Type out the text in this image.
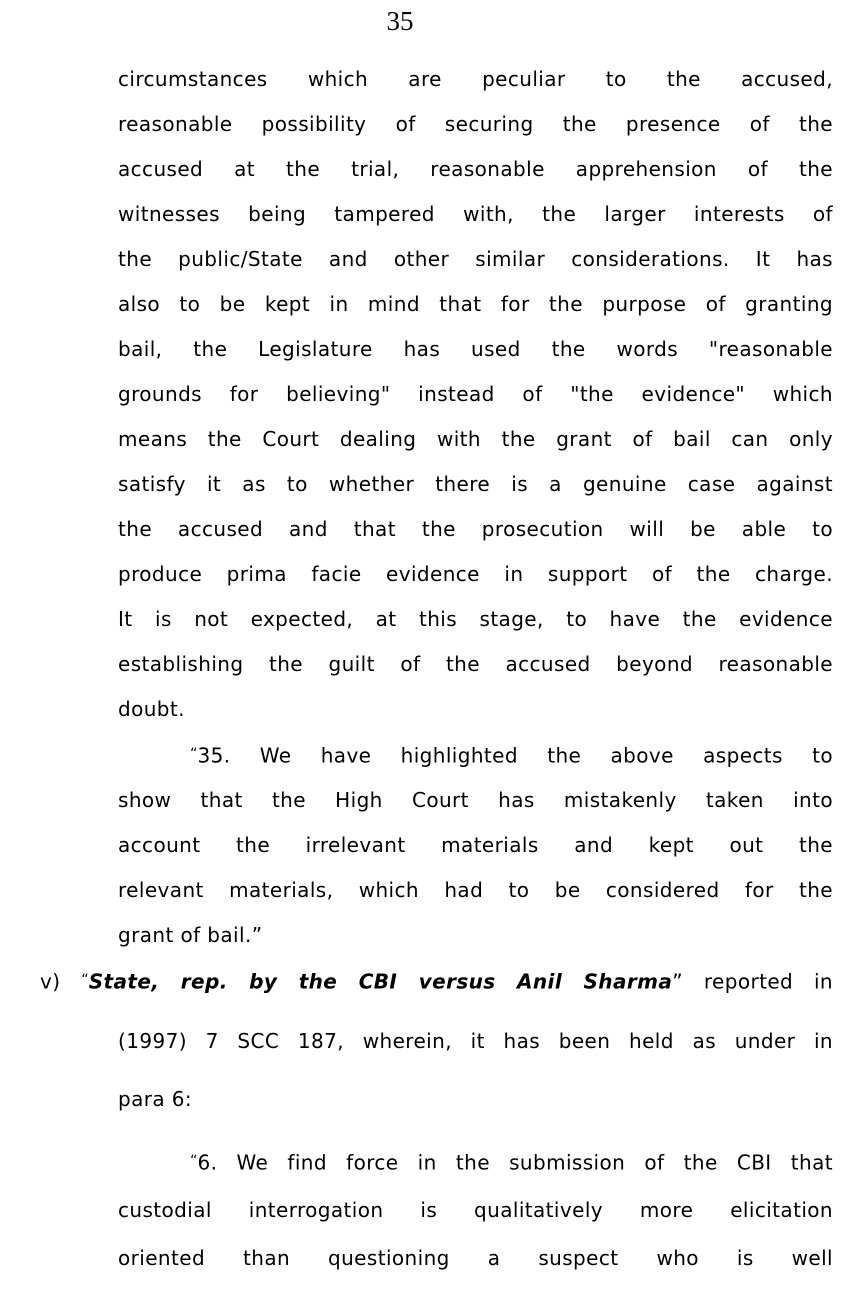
35
circumstances which are peculiar to the accused,
reasonable possibility of securing the presence of the
accused at the trial, reasonable apprehension of the
witnesses being tampered with, the larger interests of
the public/State and other similar considerations. It has
also to be kept in mind that for the purpose of granting
bail, the Legislature has used the words "reasonable
grounds for believing" instead of "the evidence" which
means the Court dealing with the grant of bail can only
satisfy it as to whether there is a genuine case against
the accused and that the prosecution will be able to
produce prima facie evidence in support of the charge.
It is not expected, at this stage, to have the evidence
establishing the guilt of the accused beyond reasonable
doubt.
“35. We have highlighted the above aspects to
show that the High Court has mistakenly taken into
account the irrelevant materials and kept out the
relevant materials, which had to be considered for the
grant of bail.”
v) “State, rep. by the CBI versus Anil Sharma” reported in
(1997) 7 SCC 187, wherein, it has been held as under in
para 6:
“6. We find force in the submission of the CBI that
custodial interrogation is qualitatively more elicitation
oriented than questioning a suspect who is well
